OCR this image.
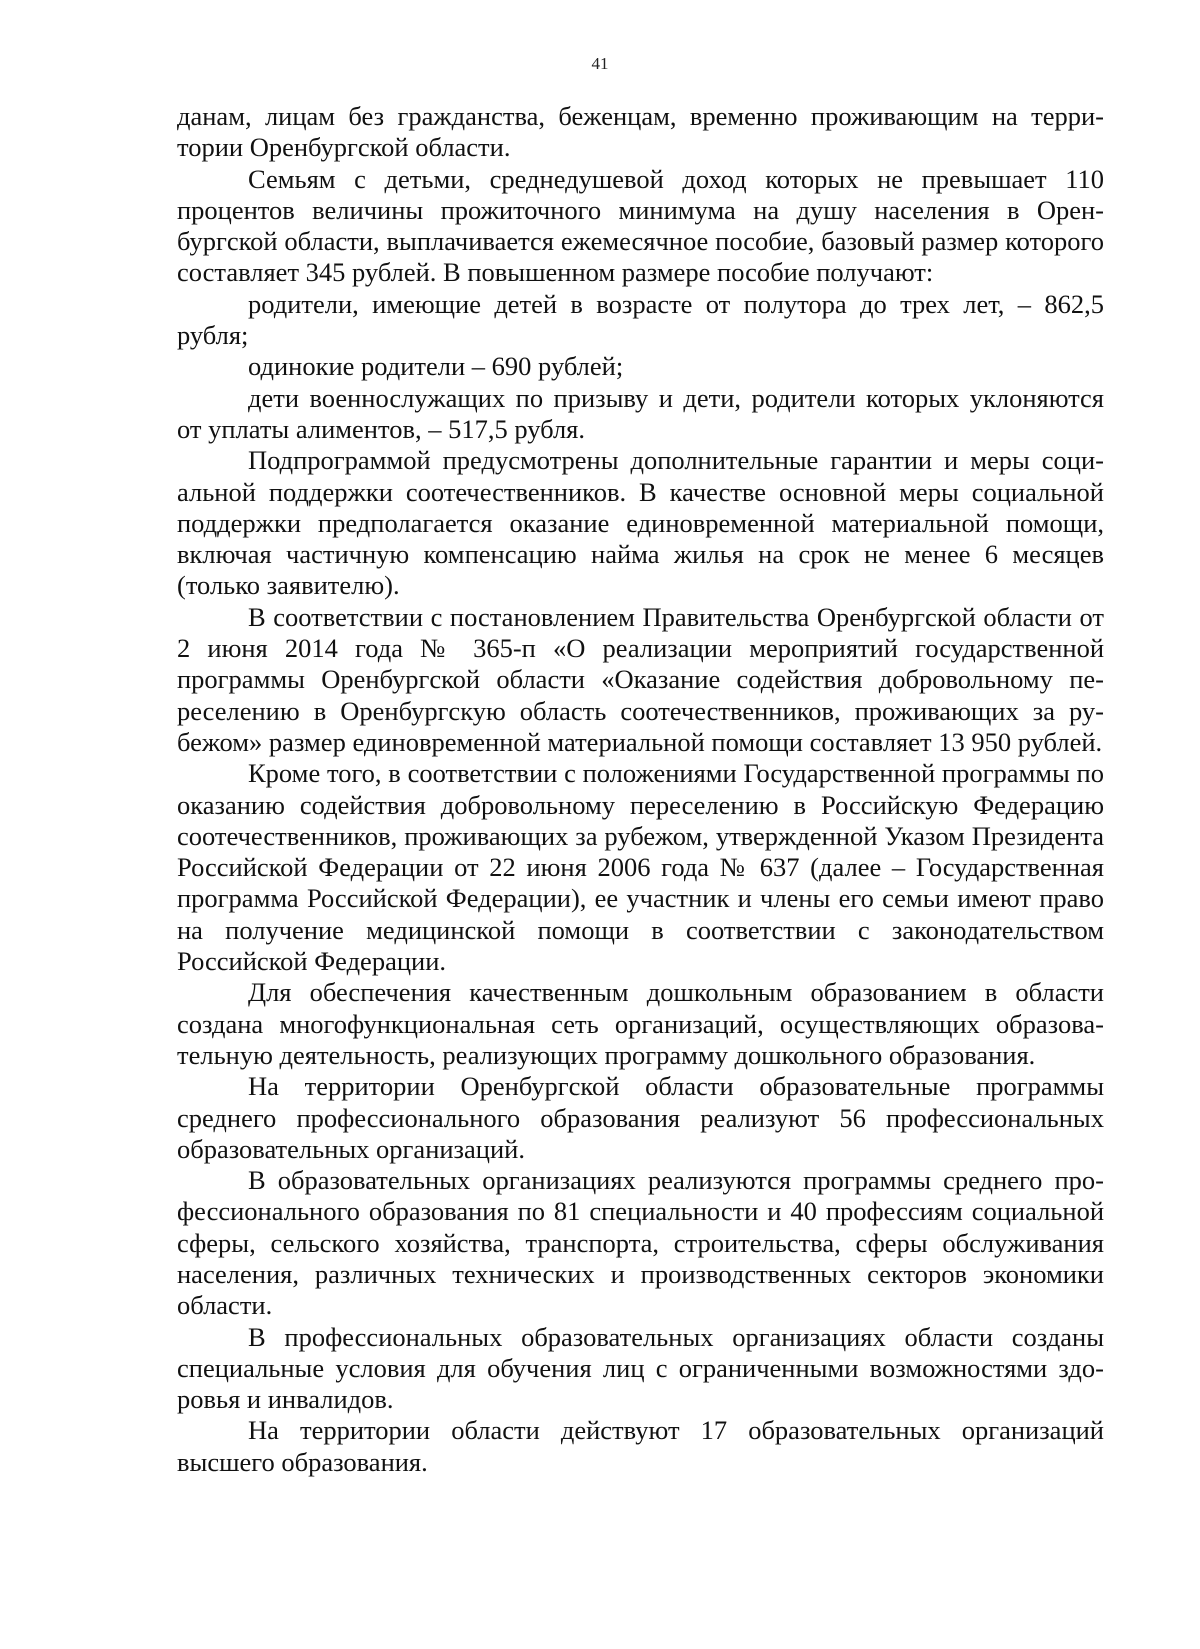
41

данам, лицам без гражданства, беженцам, временно проживающим на территории Оренбургской области.

Семьям с детьми, среднедушевой доход которых не превышает 110 процентов величины прожиточного минимума на душу населения в Оренбургской области, выплачивается ежемесячное пособие, базовый размер которого составляет 345 рублей. В повышенном размере пособие получают:

родители, имеющие детей в возрасте от полутора до трех лет, – 862,5 рубля;

одинокие родители – 690 рублей;

дети военнослужащих по призыву и дети, родители которых уклоняются от уплаты алиментов, – 517,5 рубля.

Подпрограммой предусмотрены дополнительные гарантии и меры социальной поддержки соотечественников. В качестве основной меры социальной поддержки предполагается оказание единовременной материальной помощи, включая частичную компенсацию найма жилья на срок не менее 6 месяцев (только заявителю).

В соответствии с постановлением Правительства Оренбургской области от 2 июня 2014 года № 365-п «О реализации мероприятий государственной программы Оренбургской области «Оказание содействия добровольному переселению в Оренбургскую область соотечественников, проживающих за рубежом» размер единовременной материальной помощи составляет 13 950 рублей.

Кроме того, в соответствии с положениями Государственной программы по оказанию содействия добровольному переселению в Российскую Федерацию соотечественников, проживающих за рубежом, утвержденной Указом Президента Российской Федерации от 22 июня 2006 года № 637 (далее – Государственная программа Российской Федерации), ее участник и члены его семьи имеют право на получение медицинской помощи в соответствии с законодательством Российской Федерации.

Для обеспечения качественным дошкольным образованием в области создана многофункциональная сеть организаций, осуществляющих образовательную деятельность, реализующих программу дошкольного образования.

На территории Оренбургской области образовательные программы среднего профессионального образования реализуют 56 профессиональных образовательных организаций.

В образовательных организациях реализуются программы среднего профессионального образования по 81 специальности и 40 профессиям социальной сферы, сельского хозяйства, транспорта, строительства, сферы обслуживания населения, различных технических и производственных секторов экономики области.

В профессиональных образовательных организациях области созданы специальные условия для обучения лиц с ограниченными возможностями здоровья и инвалидов.

На территории области действуют 17 образовательных организаций высшего образования.
